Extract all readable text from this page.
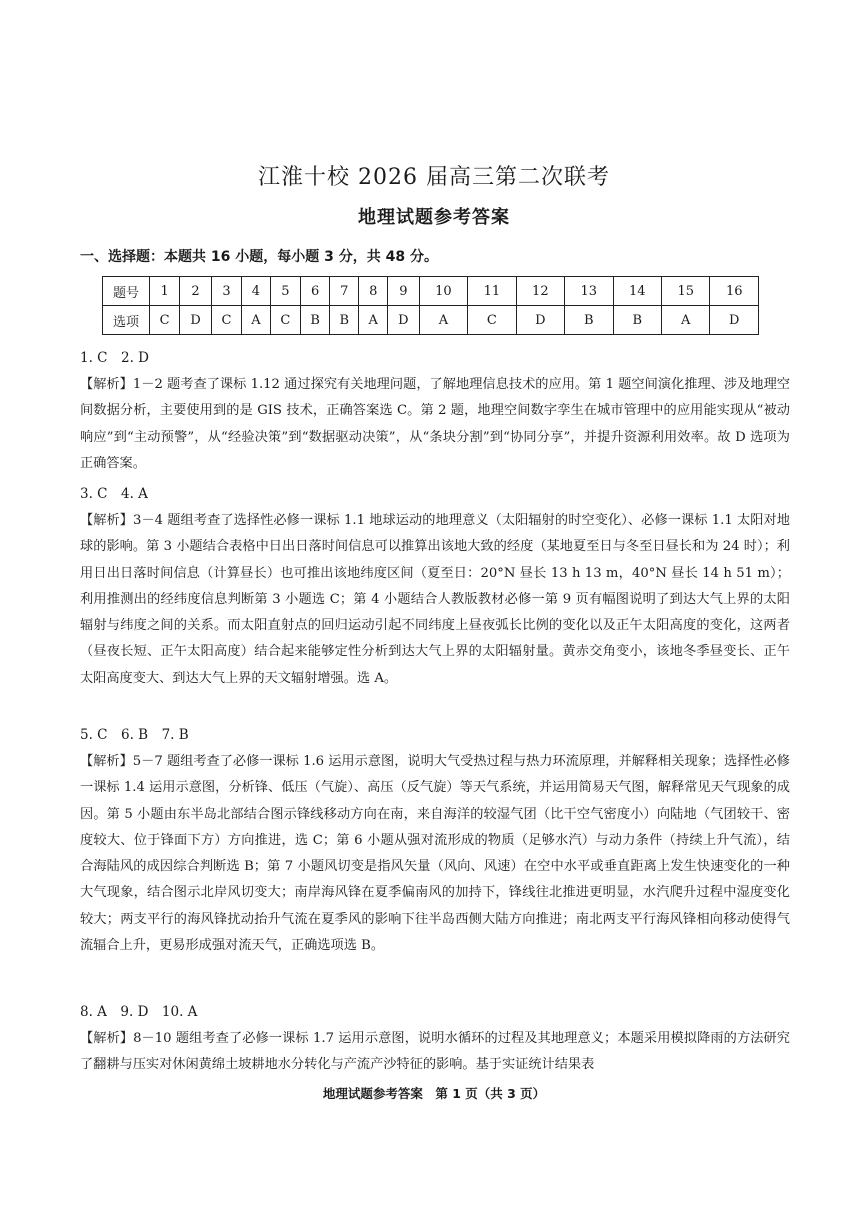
江淮十校 2026 届高三第二次联考
地理试题参考答案
一、选择题：本题共 16 小题，每小题 3 分，共 48 分。
题号	1	2	3	4	5	6	7	8	9	10	11	12	13	14	15	16
选项	C	D	C	A	C	B	B	A	D	A	C	D	B	B	A	D
1. C　2. D
【解析】1－2 题考查了课标 1.12 通过探究有关地理问题，了解地理信息技术的应用。第 1 题空间演化推理、涉及地理空间数据分析，主要使用到的是 GIS 技术，正确答案选 C。第 2 题，地理空间数字孪生在城市管理中的应用能实现从“被动响应”到“主动预警”，从“经验决策”到“数据驱动决策”，从“条块分割”到“协同分享”，并提升资源利用效率。故 D 选项为正确答案。
3. C　4. A
【解析】3－4 题组考查了选择性必修一课标 1.1 地球运动的地理意义（太阳辐射的时空变化）、必修一课标 1.1 太阳对地球的影响。第 3 小题结合表格中日出日落时间信息可以推算出该地大致的经度（某地夏至日与冬至日昼长和为 24 时）；利用日出日落时间信息（计算昼长）也可推出该地纬度区间（夏至日：20°N 昼长 13 h 13 m，40°N 昼长 14 h 51 m）；利用推测出的经纬度信息判断第 3 小题选 C；第 4 小题结合人教版教材必修一第 9 页有幅图说明了到达大气上界的太阳辐射与纬度之间的关系。而太阳直射点的回归运动引起不同纬度上昼夜弧长比例的变化以及正午太阳高度的变化，这两者（昼夜长短、正午太阳高度）结合起来能够定性分析到达大气上界的太阳辐射量。黄赤交角变小，该地冬季昼变长、正午太阳高度变大、到达大气上界的天文辐射增强。选 A。
5. C　6. B　7. B
【解析】5－7 题组考查了必修一课标 1.6 运用示意图，说明大气受热过程与热力环流原理，并解释相关现象；选择性必修一课标 1.4 运用示意图，分析锋、低压（气旋）、高压（反气旋）等天气系统，并运用简易天气图，解释常见天气现象的成因。第 5 小题由东半岛北部结合图示锋线移动方向在南，来自海洋的较湿气团（比干空气密度小）向陆地（气团较干、密度较大、位于锋面下方）方向推进，选 C；第 6 小题从强对流形成的物质（足够水汽）与动力条件（持续上升气流），结合海陆风的成因综合判断选 B；第 7 小题风切变是指风矢量（风向、风速）在空中水平或垂直距离上发生快速变化的一种大气现象，结合图示北岸风切变大；南岸海风锋在夏季偏南风的加持下，锋线往北推进更明显，水汽爬升过程中湿度变化较大；两支平行的海风锋扰动抬升气流在夏季风的影响下往半岛西侧大陆方向推进；南北两支平行海风锋相向移动使得气流辐合上升，更易形成强对流天气，正确选项选 B。
8. A　9. D　10. A
【解析】8－10 题组考查了必修一课标 1.7 运用示意图，说明水循环的过程及其地理意义；本题采用模拟降雨的方法研究了翻耕与压实对休闲黄绵土坡耕地水分转化与产流产沙特征的影响。基于实证统计结果表
地理试题参考答案　第 1 页（共 3 页）
